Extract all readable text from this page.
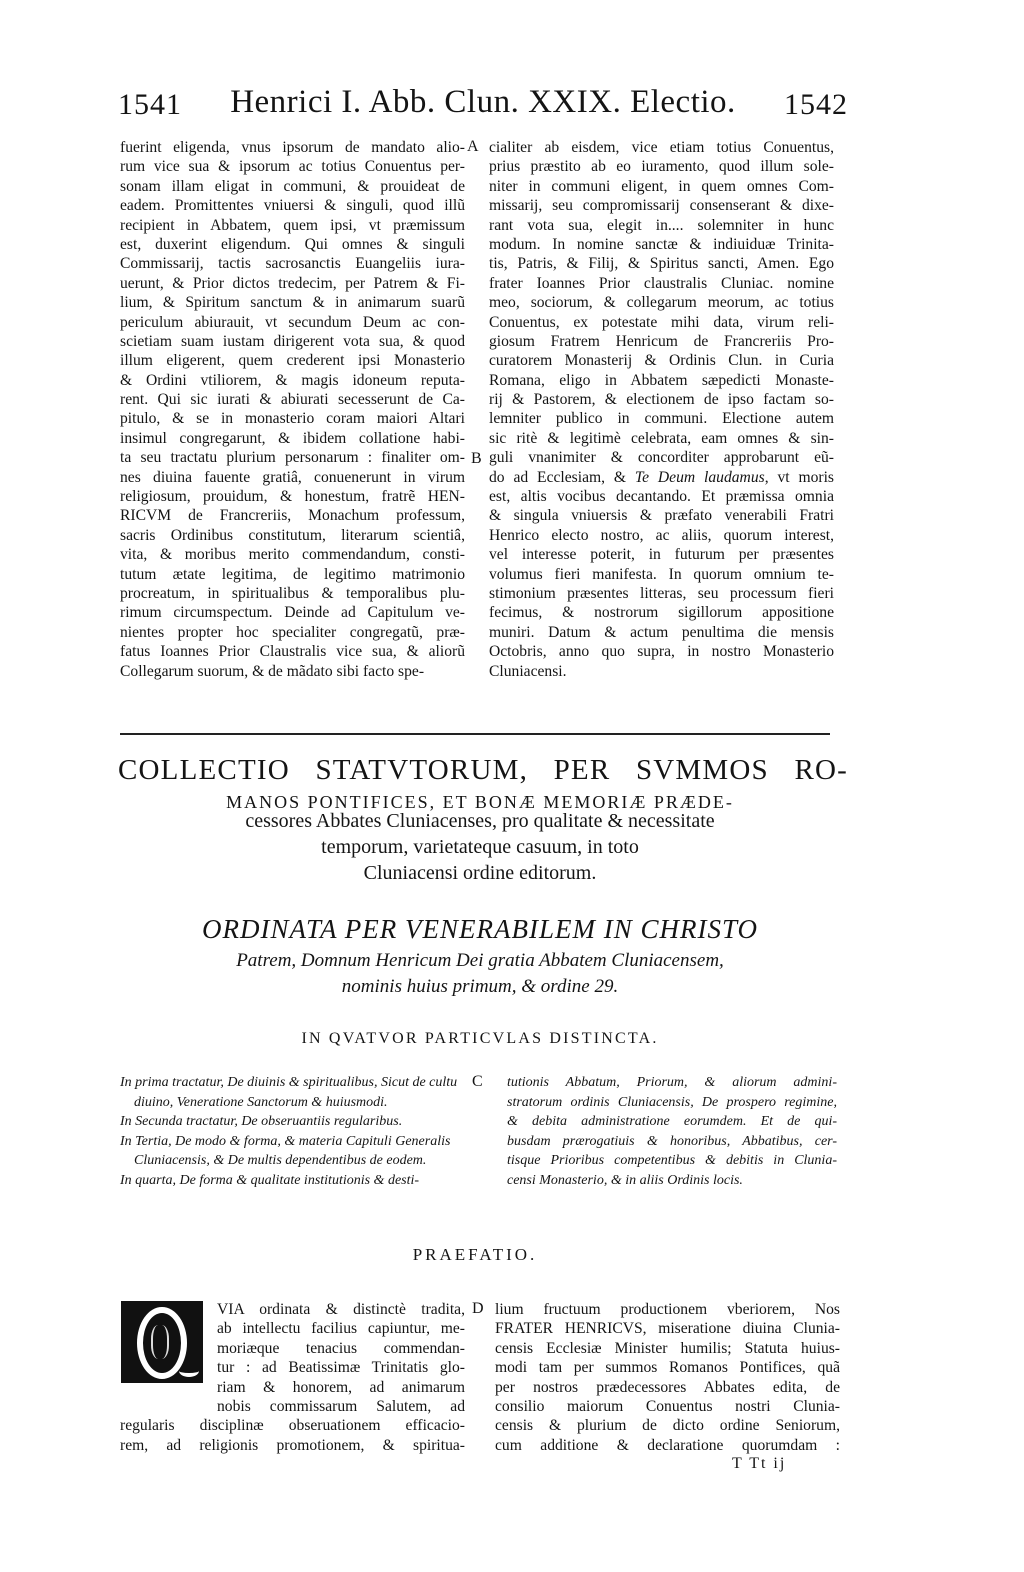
1541	Henrici I. Abb. Clun. XXIX. Electio.	1542
fuerint eligenda, vnus ipsorum de mandato alio-
rum vice sua & ipsorum ac totius Conuentus per-
sonam illam eligat in communi, & prouideat de
eadem. Promittentes vniuersi & singuli, quod illũ
recipient in Abbatem, quem ipsi, vt præmissum
est, duxerint eligendum. Qui omnes & singuli
Commissarij, tactis sacrosanctis Euangeliis iura-
uerunt, & Prior dictos tredecim, per Patrem & Fi-
lium, & Spiritum sanctum & in animarum suarũ
periculum abiurauit, vt secundum Deum ac con-
scietiam suam iustam dirigerent vota sua, & quod
illum eligerent, quem crederent ipsi Monasterio
& Ordini vtiliorem, & magis idoneum reputa-
rent. Qui sic iurati & abiurati secesserunt de Ca-
pitulo, & se in monasterio coram maiori Altari
insimul congregarunt, & ibidem collatione habi-
ta seu tractatu plurium personarum : finaliter om-
nes diuina fauente gratiâ, conuenerunt in virum
religiosum, prouidum, & honestum, fratrẽ HEN-
RICVM de Francreriis, Monachum professum,
sacris Ordinibus constitutum, literarum scientiâ,
vita, & moribus merito commendandum, consti-
tutum ætate legitima, de legitimo matrimonio
procreatum, in spiritualibus & temporalibus plu-
rimum circumspectum. Deinde ad Capitulum ve-
nientes propter hoc specialiter congregatũ, præ-
fatus Ioannes Prior Claustralis vice sua, & aliorũ
Collegarum suorum, & de mãdato sibi facto spe-
cialiter ab eisdem, vice etiam totius Conuentus,
prius præstito ab eo iuramento, quod illum sole-
niter in communi eligent, in quem omnes Com-
missarij, seu compromissarij consenserant & dixe-
rant vota sua, elegit in.... solemniter in hunc
modum. In nomine sanctæ & indiuiduæ Trinita-
tis, Patris, & Filij, & Spiritus sancti, Amen. Ego
frater Ioannes Prior claustralis Cluniac. nomine
meo, sociorum, & collegarum meorum, ac totius
Conuentus, ex potestate mihi data, virum reli-
giosum Fratrem Henricum de Francreriis Pro-
curatorem Monasterij & Ordinis Clun. in Curia
Romana, eligo in Abbatem sæpedicti Monaste-
rij & Pastorem, & electionem de ipso factam so-
lemniter publico in communi. Electione autem
sic ritè & legitimè celebrata, eam omnes & sin-
guli vnanimiter & concorditer approbarunt eũ-
do ad Ecclesiam, & Te Deum laudamus, vt moris
est, altis vocibus decantando. Et præmissa omnia
& singula vniuersis & præfato venerabili Fratri
Henrico electo nostro, ac aliis, quorum interest,
vel interesse poterit, in futurum per præsentes
volumus fieri manifesta. In quorum omnium te-
stimonium præsentes litteras, seu processum fieri
fecimus, & nostrorum sigillorum appositione
muniri. Datum & actum penultima die mensis
Octobris, anno quo supra, in nostro Monasterio
Cluniacensi.
A
B
COLLECTIO STATVTORUM, PER SVMMOS RO-
MANOS PONTIFICES, ET BONÆ MEMORIÆ PRÆDE-
cessores Abbates Cluniacenses, pro qualitate & necessitate
temporum, varietateque casuum, in toto
Cluniacensi ordine editorum.
ORDINATA PER VENERABILEM IN CHRISTO
Patrem, Domnum Henricum Dei gratia Abbatem Cluniacensem,
nominis huius primum, & ordine 29.
IN QVATVOR PARTICVLAS DISTINCTA.
In prima tractatur, De diuinis & spiritualibus, Sicut de cultu diuino, Veneratione Sanctorum & huiusmodi.
In Secunda tractatur, De obseruantiis regularibus.
In Tertia, De modo & forma, & materia Capituli Generalis Cluniacensis, & De multis dependentibus de eodem.
In quarta, De forma & qualitate institutionis & desti-
tutionis Abbatum, Priorum, & aliorum admini-
stratorum ordinis Cluniacensis, De prospero regimine,
& debita administratione eorumdem. Et de qui-
busdam prærogatiuis & honoribus, Abbatibus, cer-
tisque Prioribus competentibus & debitis in Clunia-
censi Monasterio, & in aliis Ordinis locis.
C
PRAEFATIO.
VIA ordinata & distinctè tradita,
ab intellectu facilius capiuntur, me-
moriæque tenacius commendan-
tur : ad Beatissimæ Trinitatis glo-
riam & honorem, ad animarum
nobis commissarum Salutem, ad
regularis disciplinæ obseruationem efficacio-
rem, ad religionis promotionem, & spiritua-
lium fructuum productionem vberiorem, Nos
FRATER HENRICVS, miseratione diuina Clunia-
censis Ecclesiæ Minister humilis; Statuta huius-
modi tam per summos Romanos Pontifices, quã
per nostros prædecessores Abbates edita, de
consilio maiorum Conuentus nostri Clunia-
censis & plurium de dicto ordine Seniorum,
cum additione & declaratione quorumdam :
D
T Tt ij
